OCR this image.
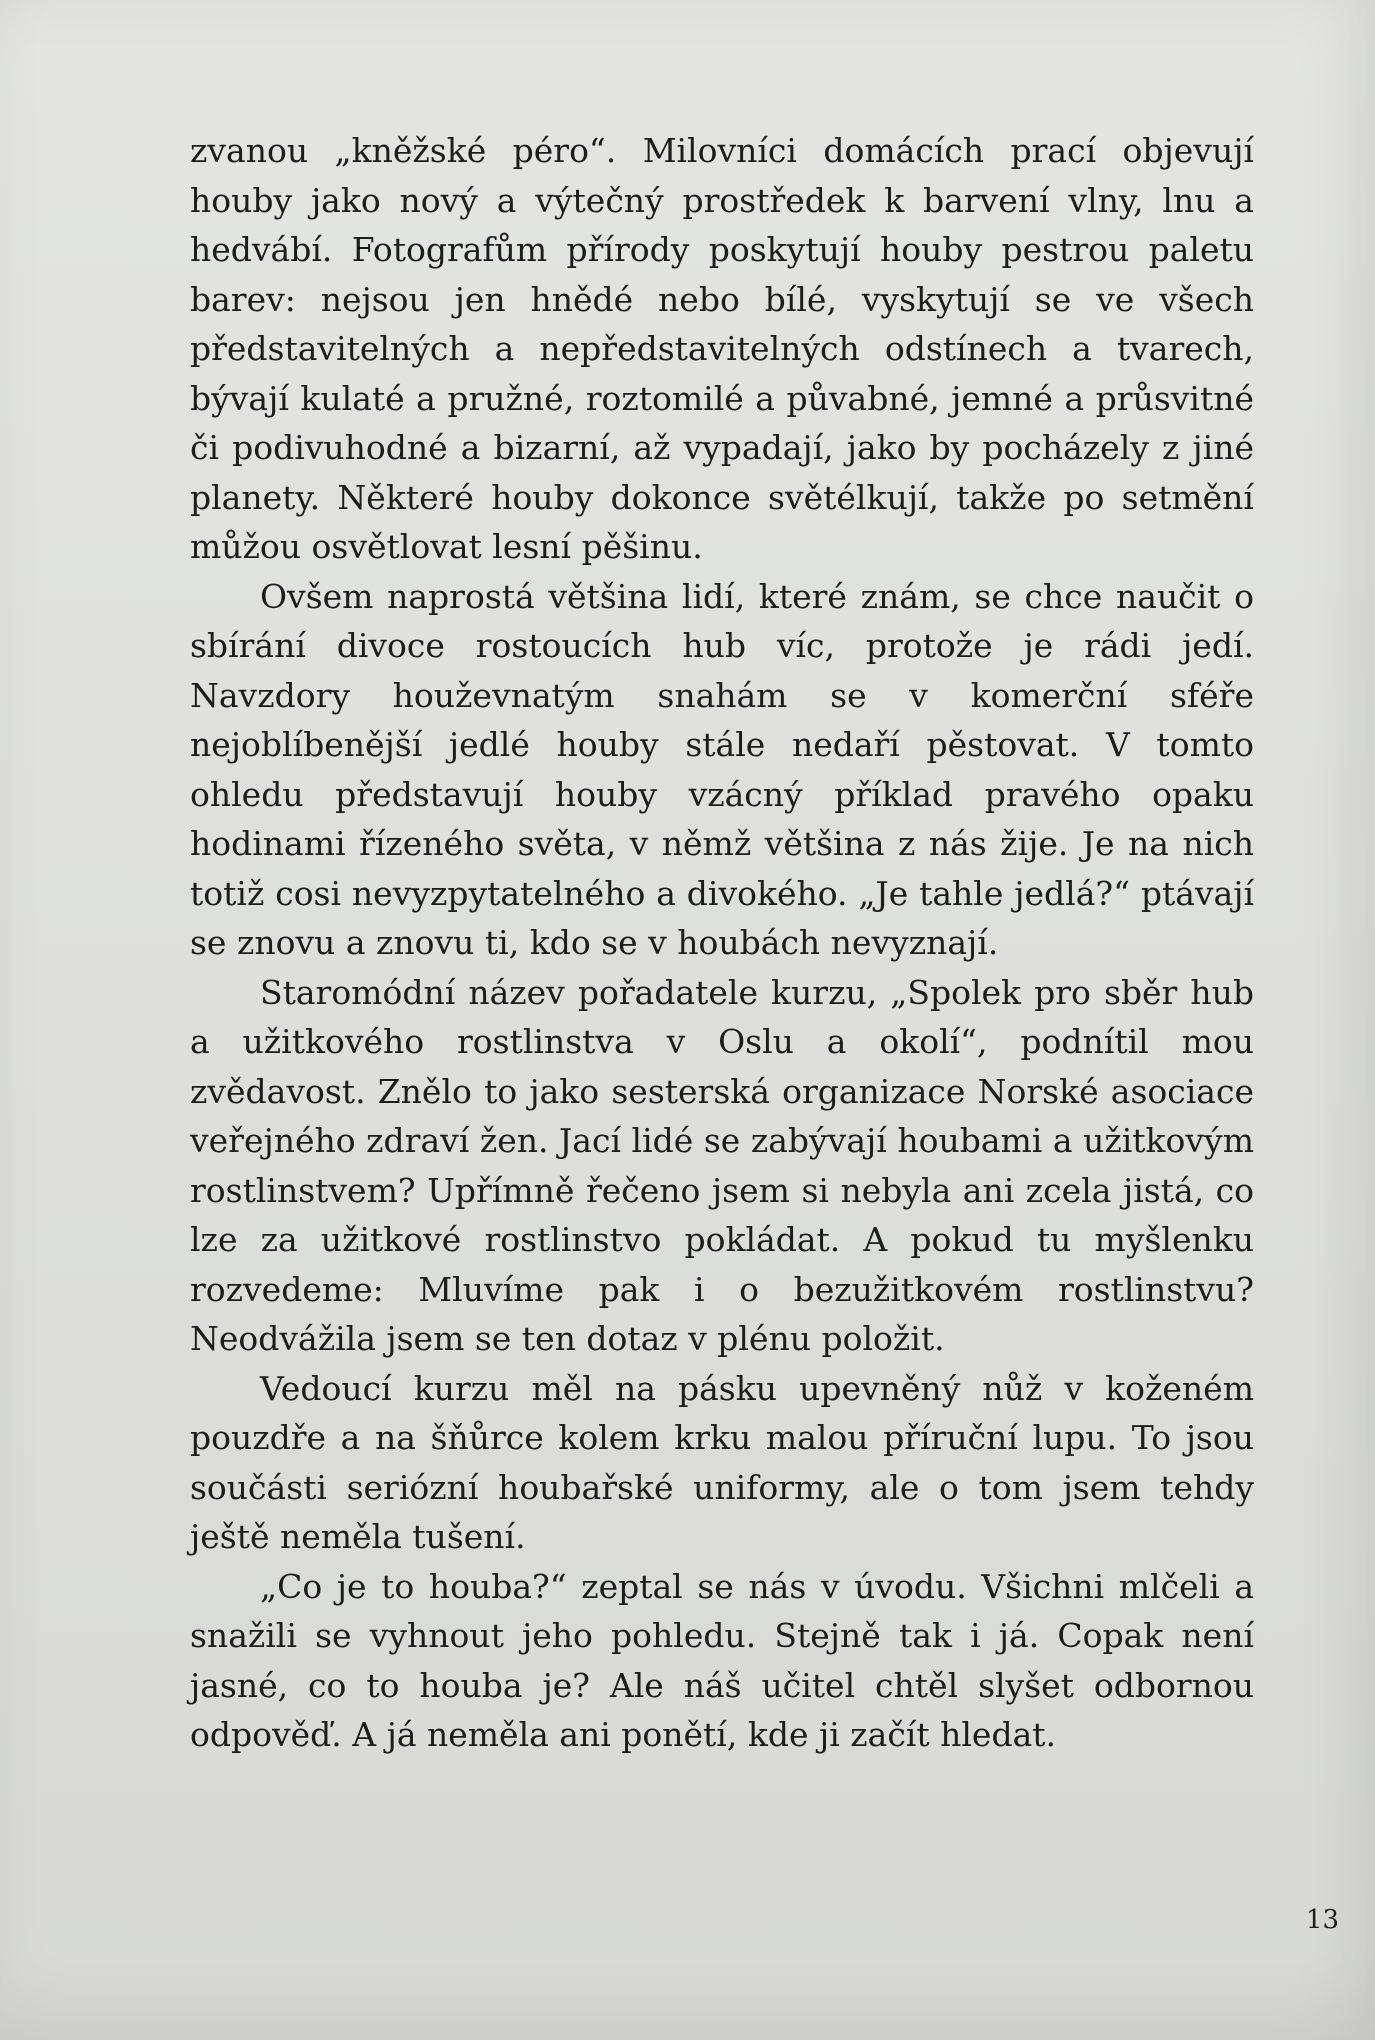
zvanou „kněžské péro“. Milovníci domácích prací objevují houby jako nový a výtečný prostředek k barvení vlny, lnu a hedvábí. Fotografům přírody poskytují houby pestrou paletu barev: nejsou jen hnědé nebo bílé, vyskytují se ve všech představitelných a nepředstavitelných odstínech a tvarech, bývají kulaté a pružné, roztomilé a půvabné, jemné a průsvitné či podivuhodné a bizarní, až vypadají, jako by pocházely z jiné planety. Některé houby dokonce světélkují, takže po setmění můžou osvětlovat lesní pěšinu.

Ovšem naprostá většina lidí, které znám, se chce naučit o sbírání divoce rostoucích hub víc, protože je rádi jedí. Navzdory houževnatým snahám se v komerční sféře nejoblíbenější jedlé houby stále nedaří pěstovat. V tomto ohledu představují houby vzácný příklad pravého opaku hodinami řízeného světa, v němž většina z nás žije. Je na nich totiž cosi nevyzpytatelného a divokého. „Je tahle jedlá?“ ptávají se znovu a znovu ti, kdo se v houbách nevyznají.

Staromódní název pořadatele kurzu, „Spolek pro sběr hub a užitkového rostlinstva v Oslu a okolí“, podnítil mou zvědavost. Znělo to jako sesterská organizace Norské asociace veřejného zdraví žen. Jací lidé se zabývají houbami a užitkovým rostlinstvem? Upřímně řečeno jsem si nebyla ani zcela jistá, co lze za užitkové rostlinstvo pokládat. A pokud tu myšlenku rozvedeme: Mluvíme pak i o bezužitkovém rostlinstvu? Neodvážila jsem se ten dotaz v plénu položit.

Vedoucí kurzu měl na pásku upevněný nůž v koženém pouzdře a na šňůrce kolem krku malou příruční lupu. To jsou součásti seriózní houbařské uniformy, ale o tom jsem tehdy ještě neměla tušení.

„Co je to houba?“ zeptal se nás v úvodu. Všichni mlčeli a snažili se vyhnout jeho pohledu. Stejně tak i já. Copak není jasné, co to houba je? Ale náš učitel chtěl slyšet odbornou odpověď. A já neměla ani ponětí, kde ji začít hledat.

13
